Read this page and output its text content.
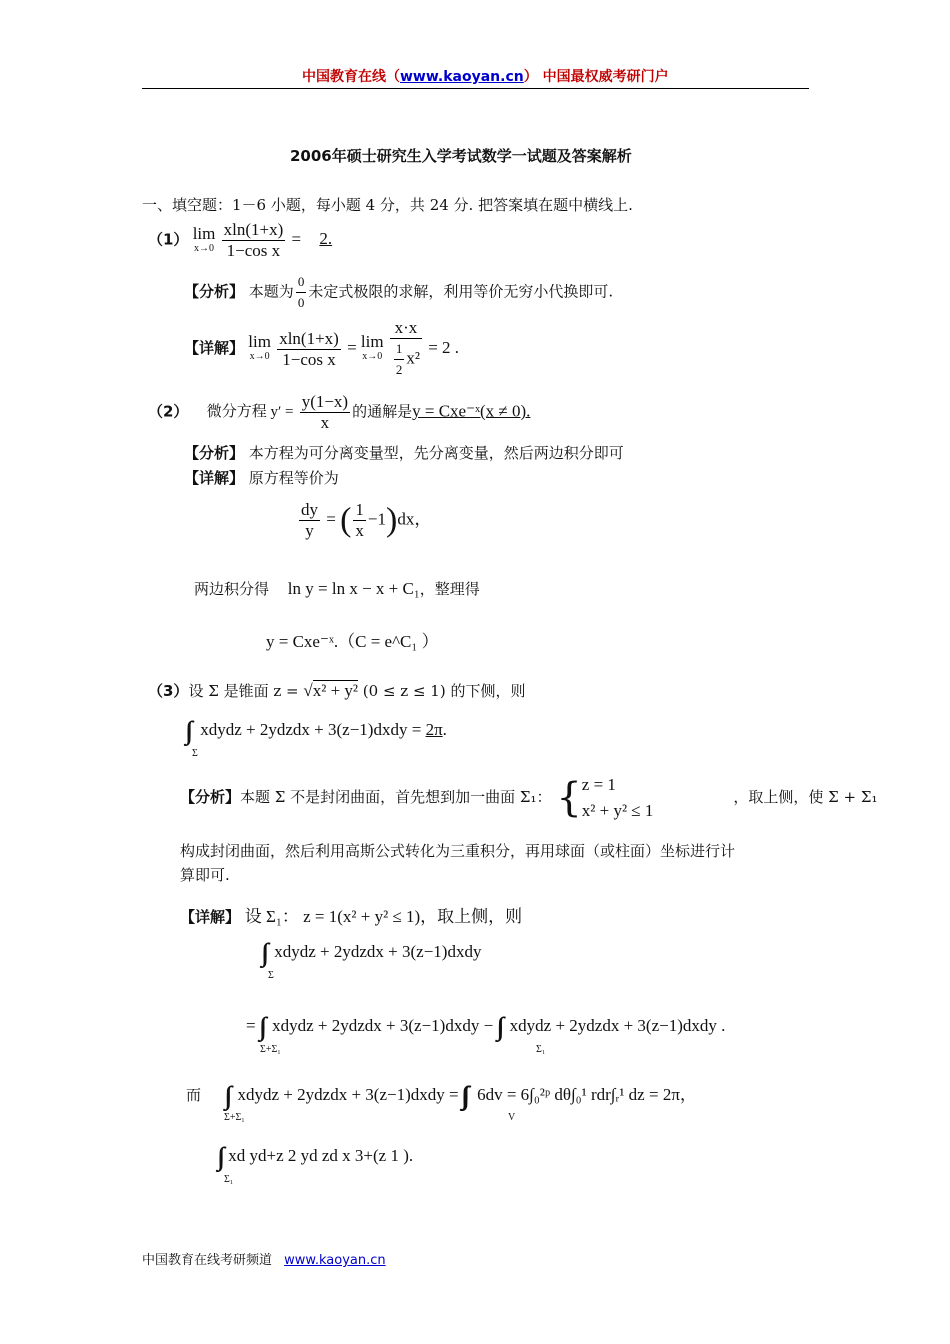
中国教育在线（www.kaoyan.cn） 中国最权威考研门户
2006年硕士研究生入学考试数学一试题及答案解析
一、填空题：1－6 小题，每小题 4 分，共 24 分. 把答案填在题中横线上.
（1） lim
x→0
$\frac{xln(1+x)}{\text{1−cos x}} = 2$.
【分析】 本题为 $\frac{0}{0}$ 未定式极限的求解，利用等价无穷小代换即可.
【详解】 lim
x→0
$\frac{xln(1+x)}{\text{1−cos x}} = \lim$
x→0
$\frac{x\cdot x}{\frac{1}{2} x^2} = 2$ .
（2） 微分方程 $y' = \frac{y(1-x)}{x}$ 的通解是y = Cxe⁻ˣ(x ≠ 0).
【分析】 本方程为可分离变量型，先分离变量，然后两边积分即可
【详解】 原方程等价为
$\frac{dy}{y}$ = ( $\frac{1}{x} -1)dx$，
两边积分得 ln y = ln x − x + C₁，整理得
y = Cxe⁻ˣ.（C = e^C₁ ）
（3）设 Σ 是锥面 z = √x² + y² (0 ≤ z ≤ 1) 的下侧，则
Σ
xdydz + 2ydzdx + 3(z−1)dxdy = 2π.
【分析】本题 Σ 不是封闭曲面，首先想到加一曲面 Σ₁： { z = 1
x² + y² ≤ 1
，取上侧，使 Σ + Σ₁
构成封闭曲面，然后利用高斯公式转化为三重积分，再用球面（或柱面）坐标进行计
算即可.
【详解】 设 Σ₁： z = 1(x² + y² ≤ 1)，取上侧，则
Σ
xdydz + 2ydzdx + 3(z−1)dxdy
=
Σ+Σ₁
xdydz + 2ydzdx + 3(z−1)dxdy −
Σ₁
xdydz + 2ydzdx + 3(z−1)dxdy .
而
Σ+Σ₁
xdydz + 2ydzdx + 3(z−1)dxdy =
V
6dv = 6∫₀²ᵖ dθ∫₀¹ rdr∫ᵣ¹ dz = 2π，
Σ₁
xd yd+z 2 yd zd x 3+(z 1 ).
中国教育在线考研频道 www.kaoyan.cn
